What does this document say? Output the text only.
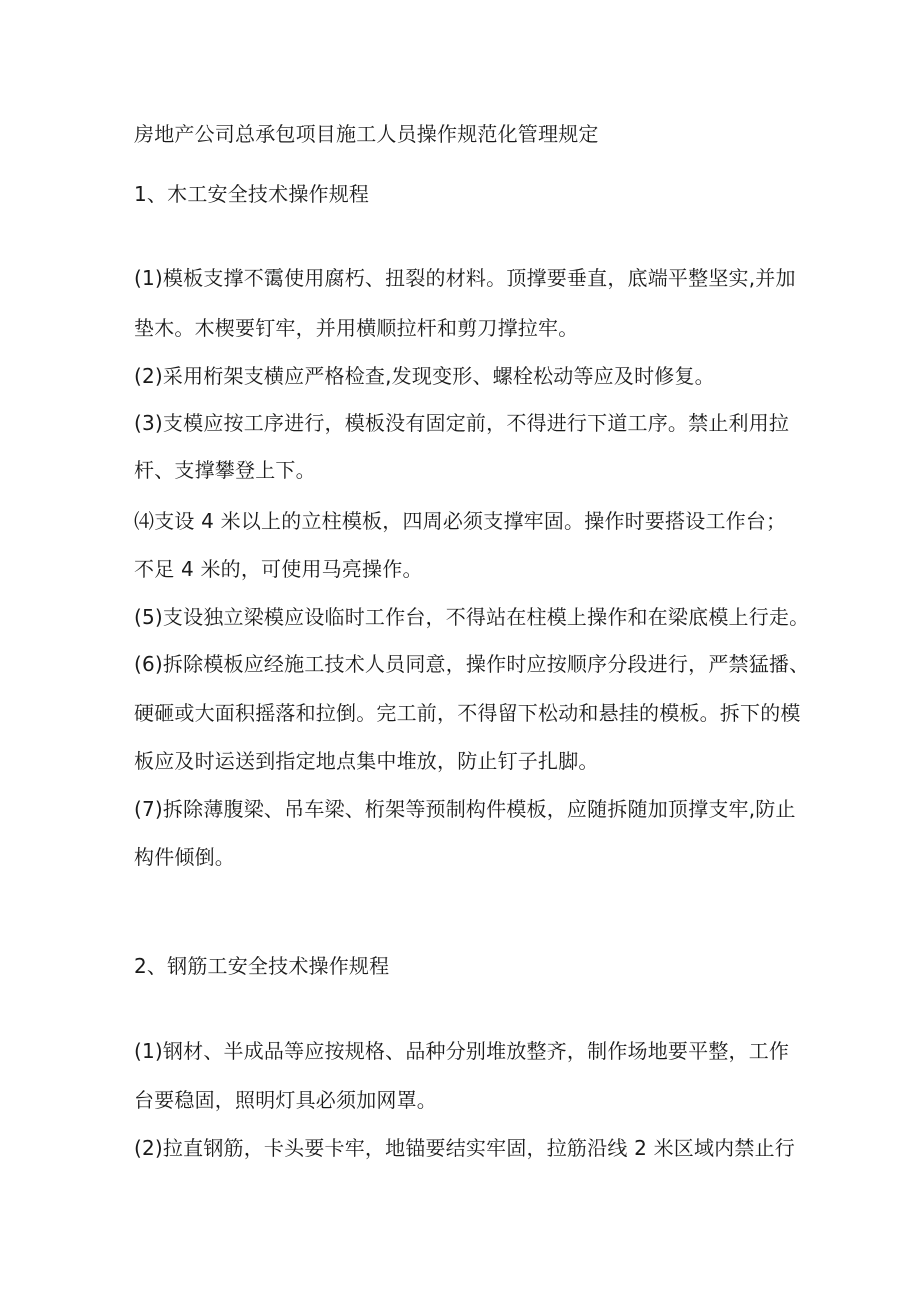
房地产公司总承包项目施工人员操作规范化管理规定
1、木工安全技术操作规程
(1)模板支撑不霭使用腐朽、扭裂的材料。顶撑要垂直，底端平整坚实,并加
垫木。木楔要钉牢，并用横顺拉杆和剪刀撑拉牢。
(2)采用桁架支横应严格检查,发现变形、螺栓松动等应及时修复。
(3)支模应按工序进行，模板没有固定前，不得进行下道工序。禁止利用拉
杆、支撑攀登上下。
⑷支设 4 米以上的立柱模板，四周必须支撑牢固。操作时要搭设工作台；
不足 4 米的，可使用马亮操作。
(5)支设独立梁模应设临时工作台，不得站在柱模上操作和在梁底模上行走。
(6)拆除模板应经施工技术人员同意，操作时应按顺序分段进行，严禁猛播、
硬砸或大面积摇落和拉倒。完工前，不得留下松动和悬挂的模板。拆下的模
板应及时运送到指定地点集中堆放，防止钉子扎脚。
(7)拆除薄腹梁、吊车梁、桁架等预制构件模板，应随拆随加顶撑支牢,防止
构件倾倒。
2、钢筋工安全技术操作规程
(1)钢材、半成品等应按规格、品种分别堆放整齐，制作场地要平整，工作
台要稳固，照明灯具必须加网罩。
(2)拉直钢筋，卡头要卡牢，地锚要结实牢固，拉筋沿线 2 米区域内禁止行
